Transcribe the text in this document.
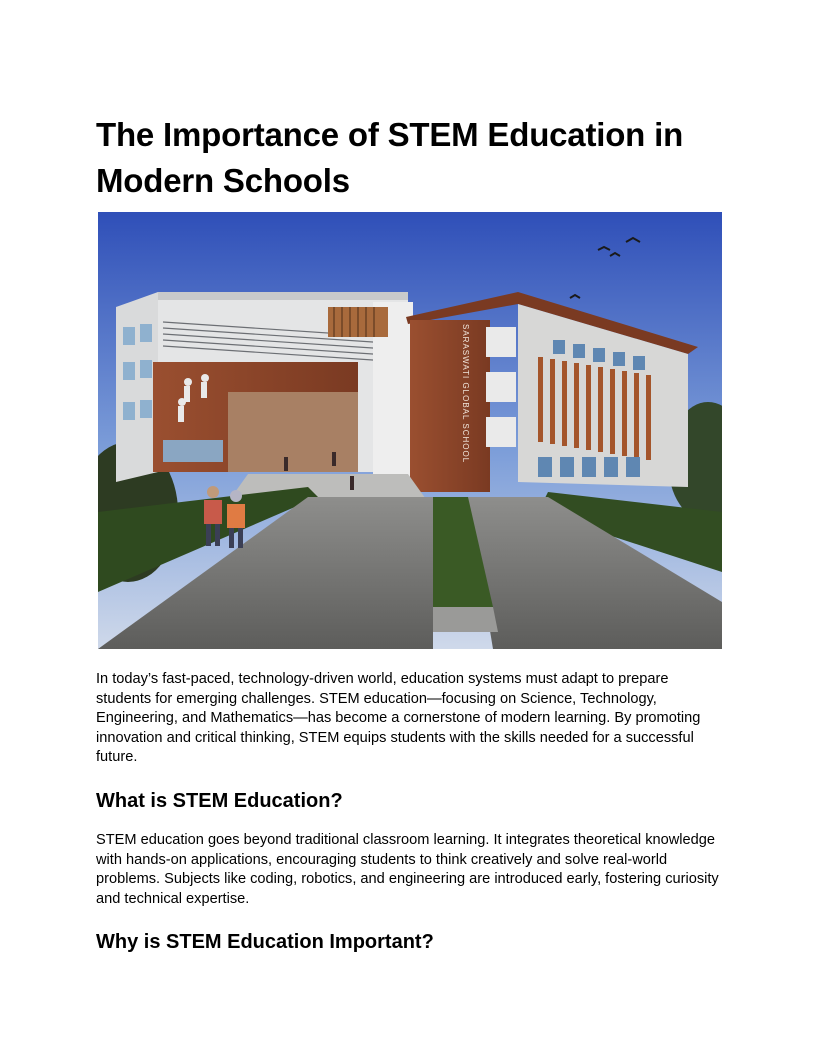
The Importance of STEM Education in Modern Schools
SARASWATI GLOBAL SCHOOL

In today’s fast-paced, technology-driven world, education systems must adapt to prepare students for emerging challenges. STEM education—focusing on Science, Technology, Engineering, and Mathematics—has become a cornerstone of modern learning. By promoting innovation and critical thinking, STEM equips students with the skills needed for a successful future.

What is STEM Education?

STEM education goes beyond traditional classroom learning. It integrates theoretical knowledge with hands-on applications, encouraging students to think creatively and solve real-world problems. Subjects like coding, robotics, and engineering are introduced early, fostering curiosity and technical expertise.

Why is STEM Education Important?
